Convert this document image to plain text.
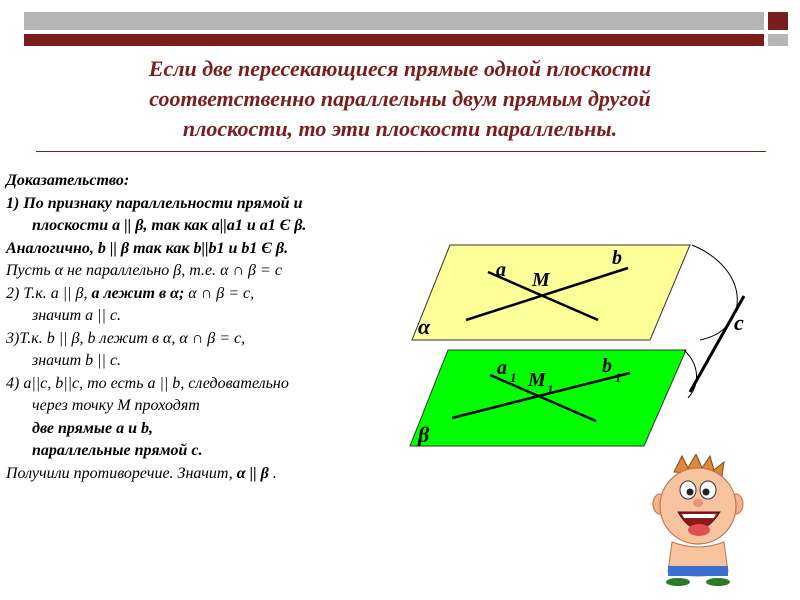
Если две пересекающиеся прямые одной плоскости
соответственно параллельны двум прямым другой
плоскости, то эти плоскости параллельны.
Доказательство:
1) По признаку параллельности прямой и
плоскости a || β, так как a||a1 и a1 Є β.
Аналогично, b || β так как b||b1 и b1 Є β.
Пусть α не параллельно β, т.е. α ∩ β = c
2) Т.к. a || β, a лежит в α; α ∩ β = c,
значит a || c.
3)Т.к. b || β, b лежит в α, α ∩ β = c,
значит b || c.
4) a||c, b||c, то есть a || b, следовательно
через точку M проходят
две прямые a и b,
параллельные прямой c.
Получили противоречие. Значит, α || β .
a
b
M
α	c
a 1
b
1
M 1
β
